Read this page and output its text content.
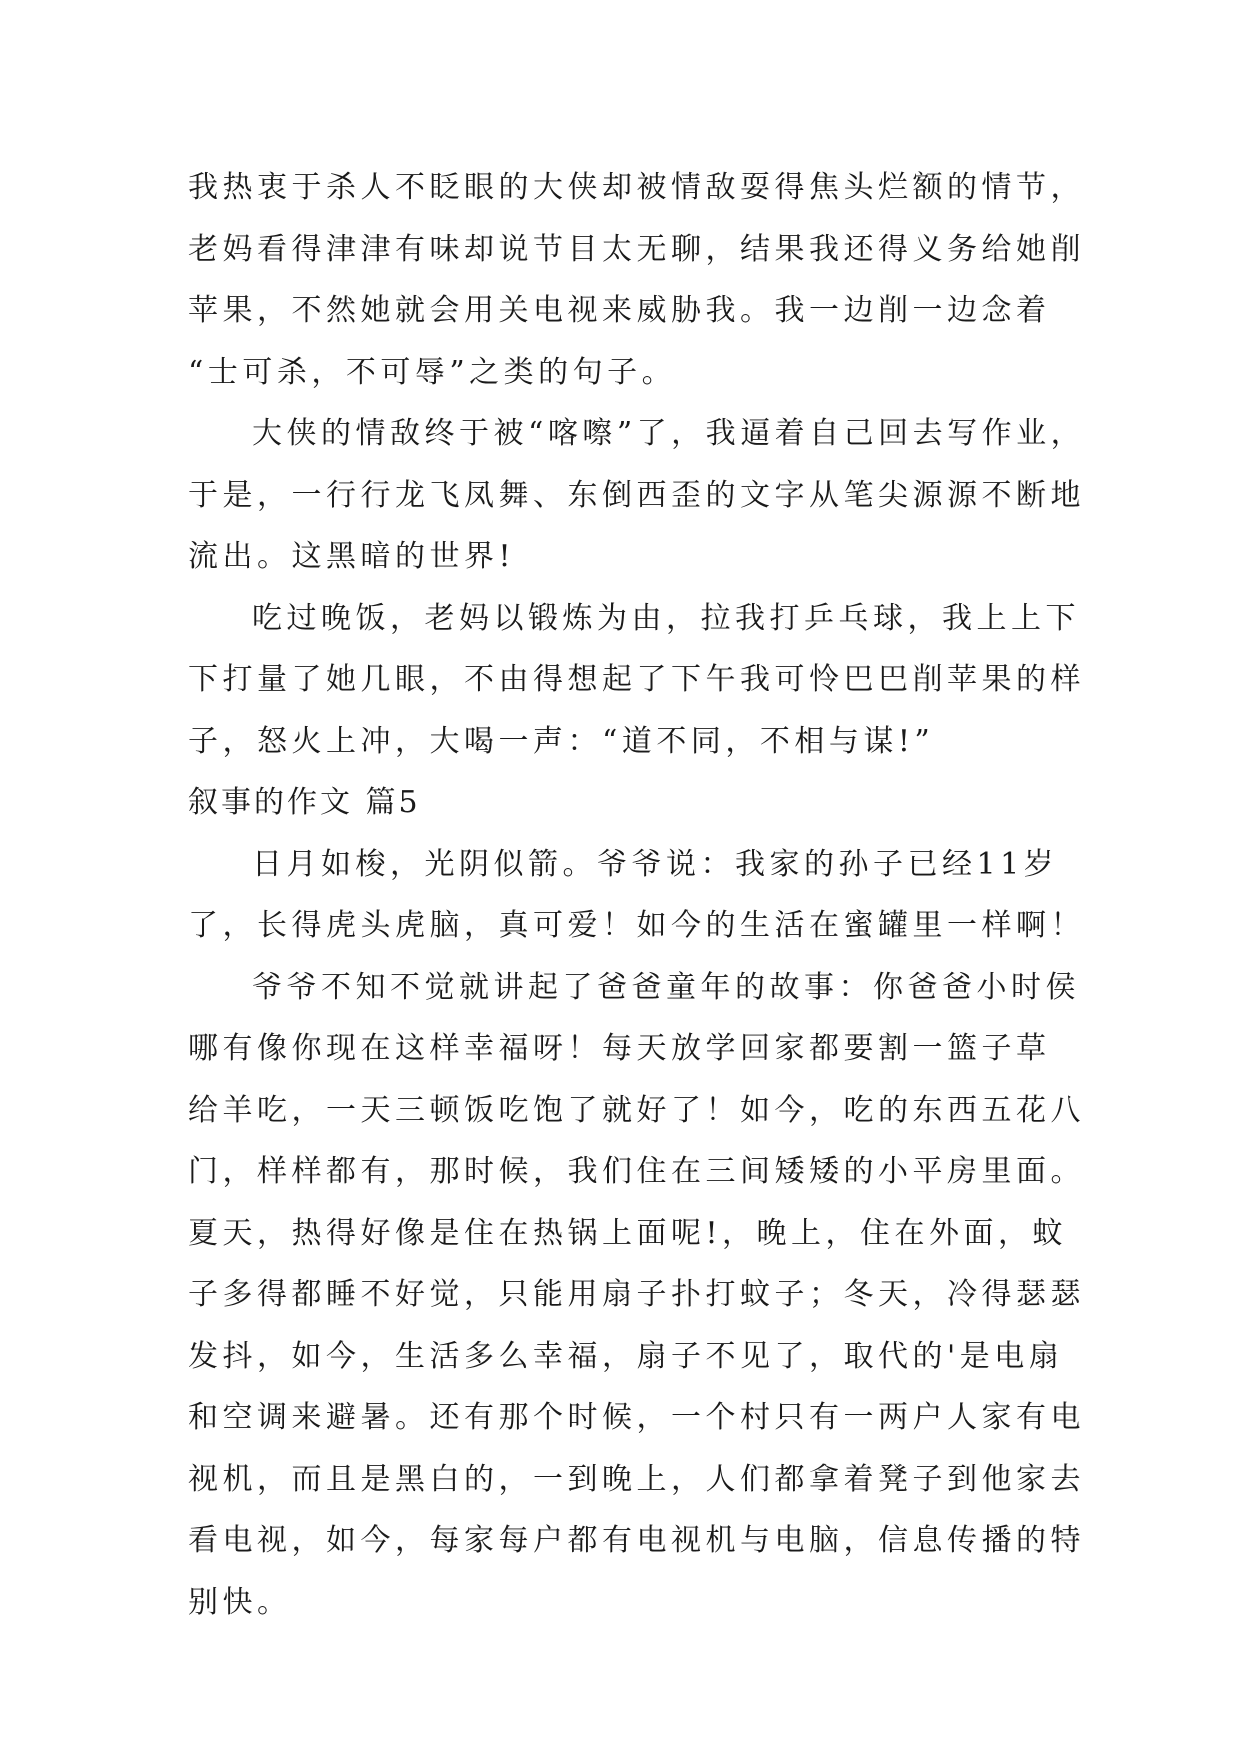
我热衷于杀人不眨眼的大侠却被情敌耍得焦头烂额的情节，
老妈看得津津有味却说节目太无聊，结果我还得义务给她削
苹果，不然她就会用关电视来威胁我。我一边削一边念着
“士可杀，不可辱”之类的句子。
大侠的情敌终于被“喀嚓”了，我逼着自己回去写作业，
于是，一行行龙飞凤舞、东倒西歪的文字从笔尖源源不断地
流出。这黑暗的世界!
吃过晚饭，老妈以锻炼为由，拉我打乒乓球，我上上下
下打量了她几眼，不由得想起了下午我可怜巴巴削苹果的样
子，怒火上冲，大喝一声：“道不同，不相与谋!”
叙事的作文 篇5
日月如梭，光阴似箭。爷爷说：我家的孙子已经11岁
了，长得虎头虎脑，真可爱！如今的生活在蜜罐里一样啊！
爷爷不知不觉就讲起了爸爸童年的故事：你爸爸小时侯
哪有像你现在这样幸福呀！每天放学回家都要割一篮子草
给羊吃，一天三顿饭吃饱了就好了！如今，吃的东西五花八
门，样样都有，那时候，我们住在三间矮矮的小平房里面。
夏天，热得好像是住在热锅上面呢!，晚上，住在外面，蚊
子多得都睡不好觉，只能用扇子扑打蚊子；冬天，冷得瑟瑟
发抖，如今，生活多么幸福，扇子不见了，取代的'是电扇
和空调来避暑。还有那个时候，一个村只有一两户人家有电
视机，而且是黑白的，一到晚上，人们都拿着凳子到他家去
看电视，如今，每家每户都有电视机与电脑，信息传播的特
别快。
